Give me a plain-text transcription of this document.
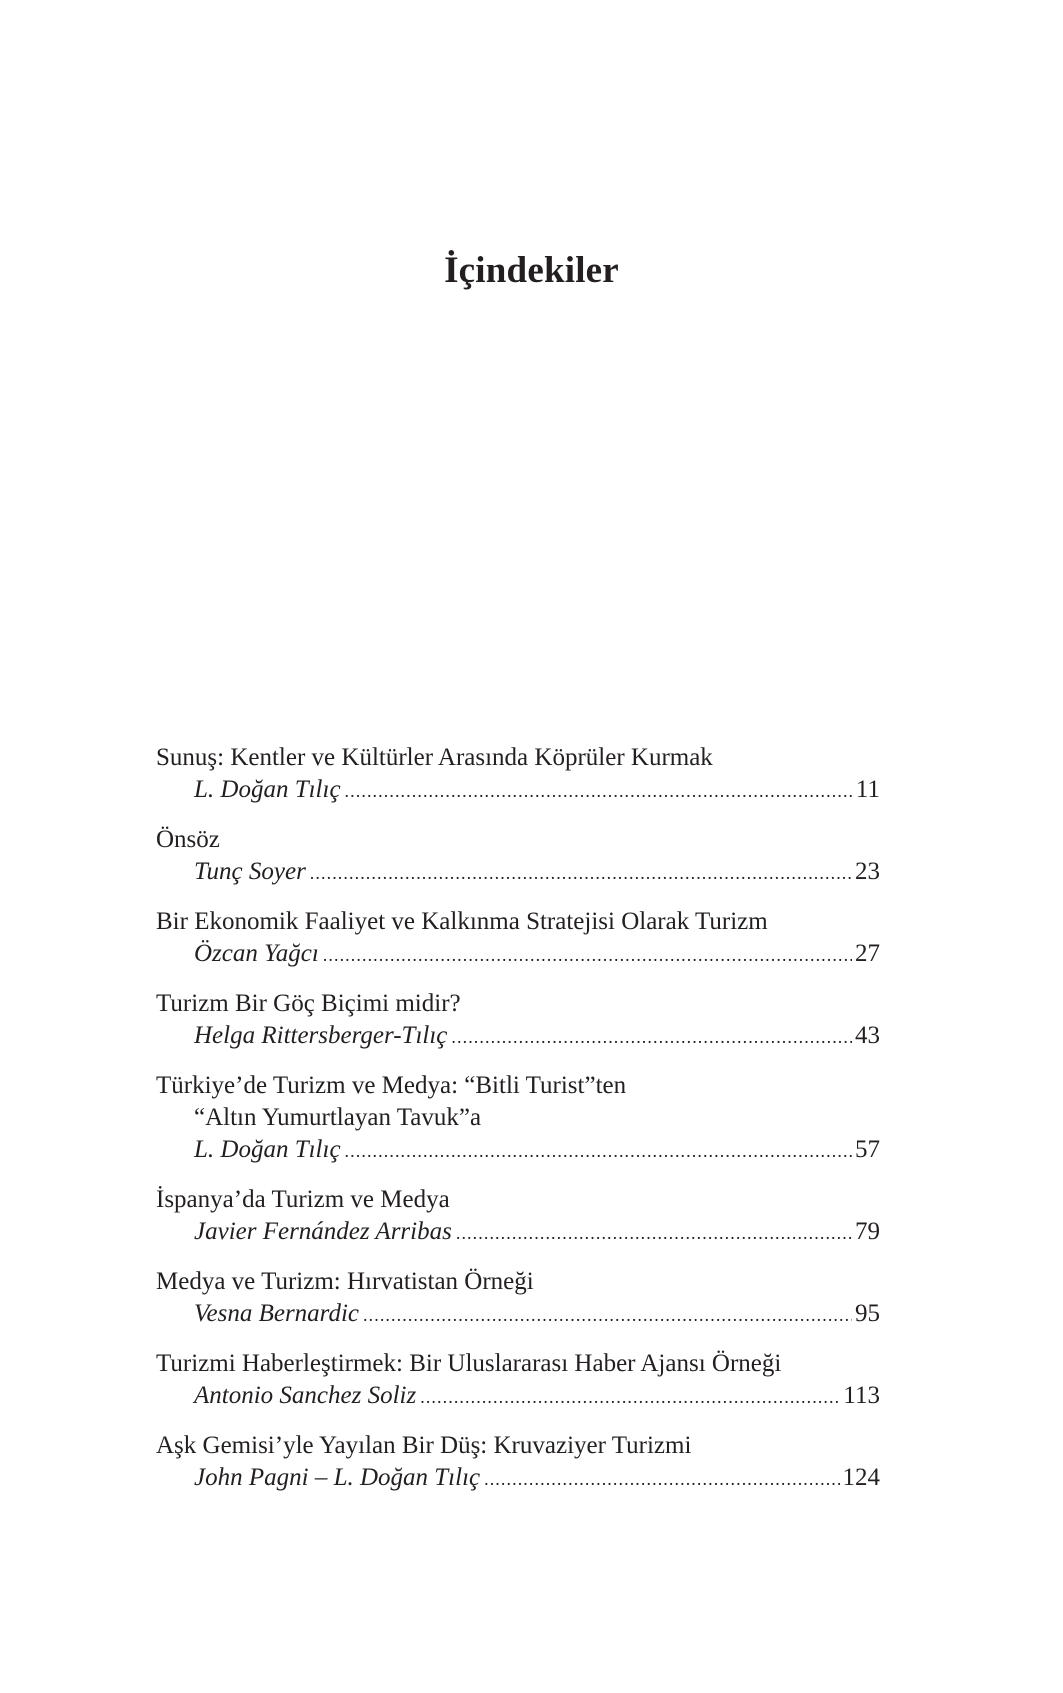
İçindekiler
Sunuş: Kentler ve Kültürler Arasında Köprüler Kurmak
L. Doğan Tılıç .....	11
Önsöz
Tunç Soyer .....	23
Bir Ekonomik Faaliyet ve Kalkınma Stratejisi Olarak Turizm
Özcan Yağcı .....	27
Turizm Bir Göç Biçimi midir?
Helga Rittersberger-Tılıç .....	43
Türkiye’de Turizm ve Medya: “Bitli Turist”ten
“Altın Yumurtlayan Tavuk”a
L. Doğan Tılıç .....	57
İspanya’da Turizm ve Medya
Javier Fernández Arribas .....	79
Medya ve Turizm: Hırvatistan Örneği
Vesna Bernardic .....	95
Turizmi Haberleştirmek: Bir Uluslararası Haber Ajansı Örneği
Antonio Sanchez Soliz .....	113
Aşk Gemisi’yle Yayılan Bir Düş: Kruvaziyer Turizmi
John Pagni – L. Doğan Tılıç .....	124
